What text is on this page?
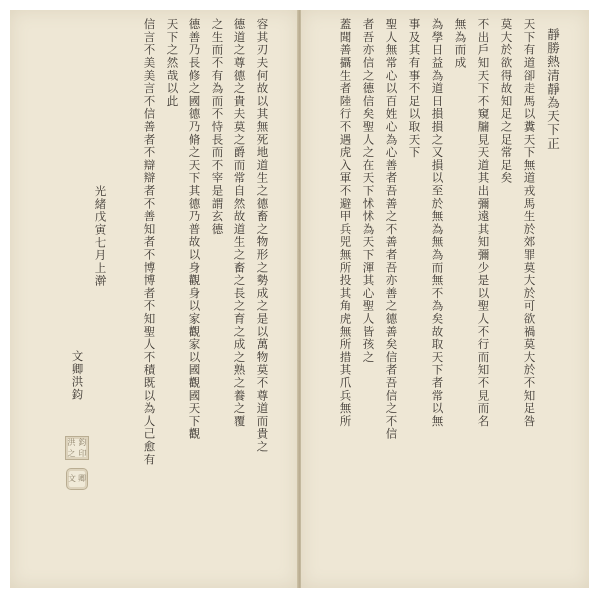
容其刃夫何故以其無死地道生之德畜之物形之勢成之是以萬物莫不尊道而貴之
德道之尊德之貴夫莫之爵而常自然故道生之畜之長之育之成之熟之養之覆
之生而不有為而不恃長而不宰是謂玄德
德善乃長修之國德乃脩之天下其德乃普故以身觀身以家觀家以國觀國天下觀
天下之然哉以此
信言不美美言不信善者不辯辯者不善知者不博博者不知聖人不積既以為人己愈有
光緒戊寅七月上澣
文卿洪鈞
洪 鈞
之 印
文 卿
靜勝熱清靜為天下正
天下有道卻走馬以糞天下無道戎馬生於郊罪莫大於可欲禍莫大於不知足咎
莫大於欲得故知足之足常足矣
不出戶知天下不窺牖見天道其出彌遠其知彌少是以聖人不行而知不見而名
無為而成
為學日益為道日損損之又損以至於無為無為而無不為矣故取天下者常以無
事及其有事不足以取天下
聖人無常心以百姓心為心善者吾善之不善者吾亦善之德善矣信者吾信之不信
者吾亦信之德信矣聖人之在天下怵怵為天下渾其心聖人皆孩之
蓋聞善攝生者陸行不遇虎入軍不避甲兵兕無所投其角虎無所措其爪兵無所
